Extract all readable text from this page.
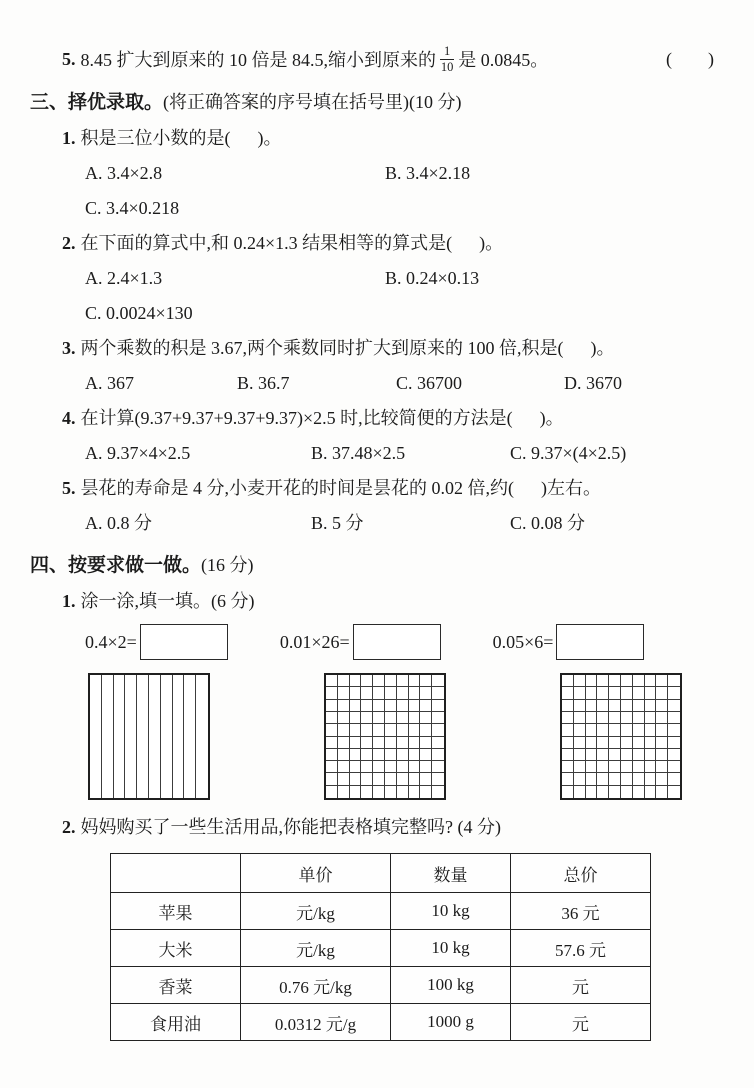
5. 8.45 扩大到原来的 10 倍是 84.5,缩小到原来的 $\frac{1}{10}$ 是 0.0845。	(        )
三、择优录取。(将正确答案的序号填在括号里)(10 分)
1. 积是三位小数的是(      )。
A. 3.4×2.8	B. 3.4×2.18
C. 3.4×0.218
2. 在下面的算式中,和 0.24×1.3 结果相等的算式是(      )。
A. 2.4×1.3	B. 0.24×0.13
C. 0.0024×130
3. 两个乘数的积是 3.67,两个乘数同时扩大到原来的 100 倍,积是(      )。
A. 367	B. 36.7	C. 36700	D. 3670
4. 在计算(9.37+9.37+9.37+9.37)×2.5 时,比较简便的方法是(      )。
A. 9.37×4×2.5	B. 37.48×2.5	C. 9.37×(4×2.5)
5. 昙花的寿命是 4 分,小麦开花的时间是昙花的 0.02 倍,约(      )左右。
A. 0.8 分	B. 5 分	C. 0.08 分
四、按要求做一做。(16 分)
1. 涂一涂,填一填。(6 分)
0.4×2=	0.01×26=	0.05×6=
2. 妈妈购买了一些生活用品,你能把表格填完整吗? (4 分)
	单价	数量	总价
苹果	元/kg	10 kg	36 元
大米	元/kg	10 kg	57.6 元
香菜	0.76 元/kg	100 kg	元
食用油	0.0312 元/g	1000 g	元
